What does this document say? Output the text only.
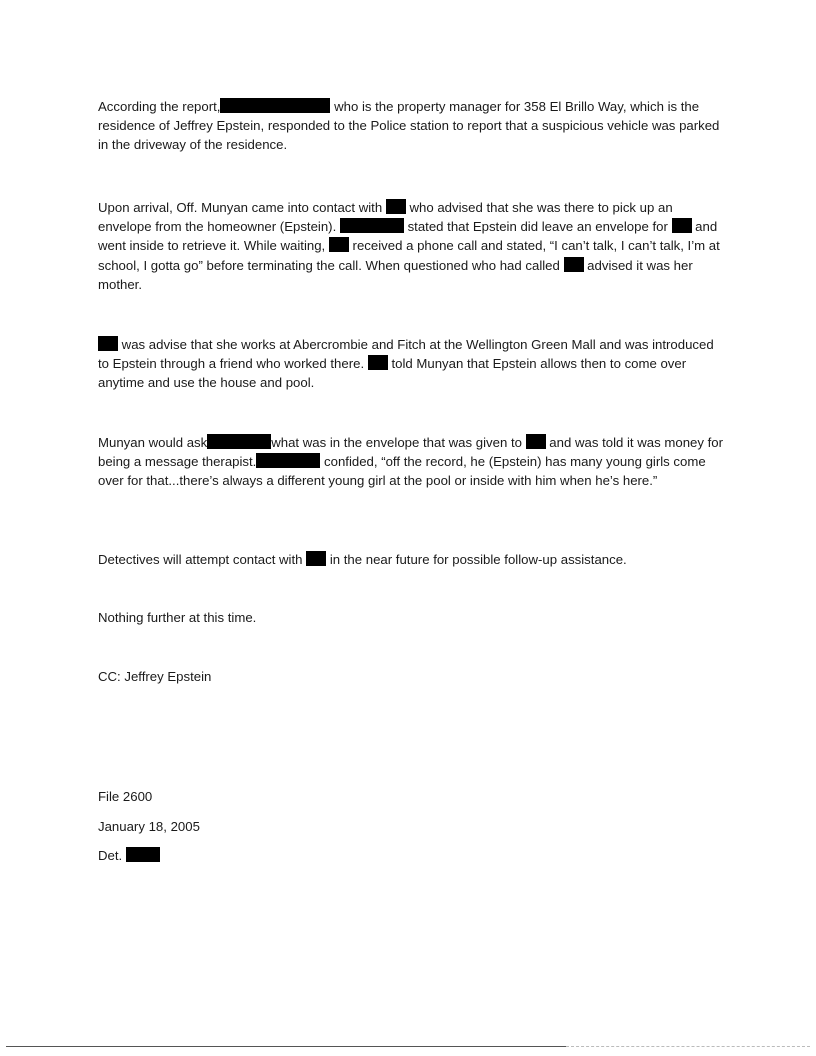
According the report,	who is the property manager for 358 El Brillo Way, which is the residence of Jeffrey Epstein, responded to the Police station to report that a suspicious vehicle was parked in the driveway of the residence.

Upon arrival, Off. Munyan came into contact with  who advised that she was there to pick up an envelope from the homeowner (Epstein).	stated that Epstein did leave an envelope for  and went inside to retrieve it. While waiting,  received a phone call and stated, “I can’t talk, I can’t talk, I’m at school, I gotta go” before terminating the call. When questioned who had called  advised it was her mother.

was advise that she works at Abercrombie and Fitch at the Wellington Green Mall and was introduced to Epstein through a friend who worked there.  told Munyan that Epstein allows then to come over anytime and use the house and pool.

Munyan would ask	what was in the envelope that was given to  and was told it was money for being a message therapist.	confided, “off the record, he (Epstein) has many young girls come over for that...there’s always a different young girl at the pool or inside with him when he’s here.”

Detectives will attempt contact with  in the near future for possible follow-up assistance.

Nothing further at this time.

CC: Jeffrey Epstein

File 2600

January 18, 2005

Det.
